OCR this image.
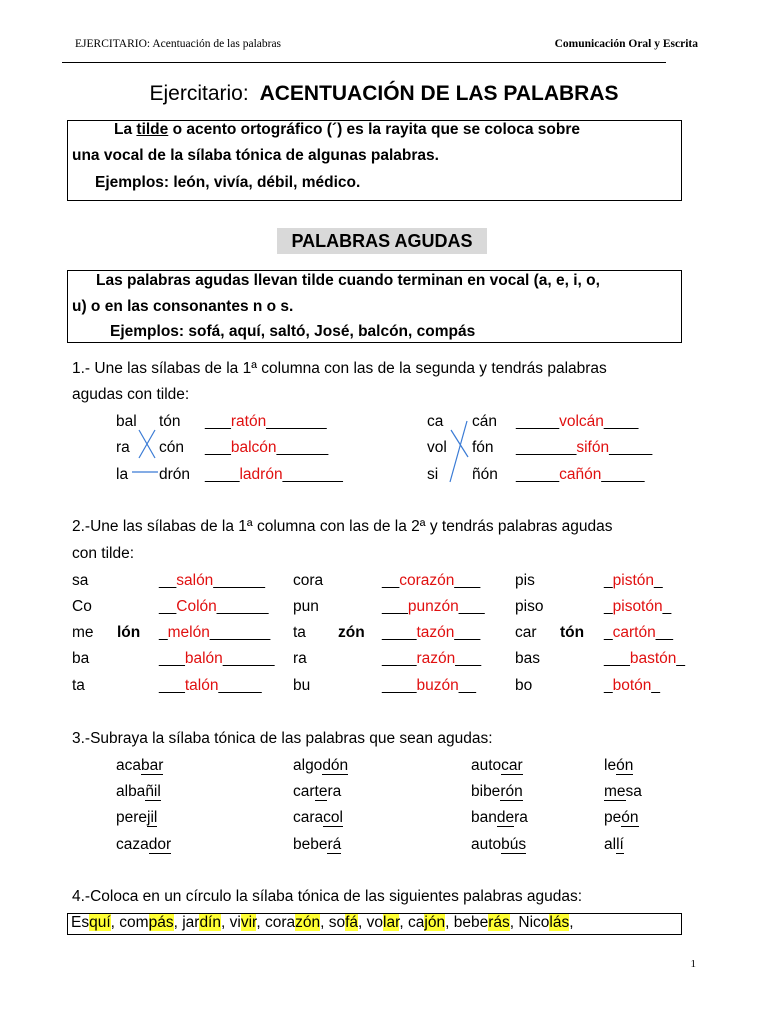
EJERCITARIO: Acentuación de las palabras	Comunicación Oral y Escrita
Ejercitario: ACENTUACIÓN DE LAS PALABRAS
La tilde o acento ortográfico (´) es la rayita que se coloca sobre
una vocal de la sílaba tónica de algunas palabras.
Ejemplos: león, vivía, débil, médico.
PALABRAS AGUDAS
Las palabras agudas llevan tilde cuando terminan en vocal (a, e, i, o,
u) o en las consonantes n o s.
Ejemplos: sofá, aquí, saltó, José, balcón, compás
1.- Une las sílabas de la 1ª columna con las de la segunda y tendrás palabras
agudas con tilde:
bal tón ___ratón_______
ra cón ___balcón______
la drón ____ladrón_______
ca cán _____volcán____
vol fón _______sifón_____
si ñón _____cañón_____
2.-Une las sílabas de la 1ª columna con las de la 2ª y tendrás palabras agudas
con tilde:
sa	__salón______ cora	__corazón___ pis	_pistón_
Co	__Colón______ pun	___punzón___ piso	_pisotón_
me lón _melón_______ ta zón ____tazón___ car tón _cartón__
ba	___balón______ ra	____razón___ bas	___bastón_
ta	___talón_____ bu	____buzón__	bo	_botón_
3.-Subraya la sílaba tónica de las palabras que sean agudas:
acabar	algodón	autocar	león
albañil	cartera	biberón	mesa
perejil	caracol	bandera	peón
cazador	beberá	autobús	allí
4.-Coloca en un círculo la sílaba tónica de las siguientes palabras agudas:
Esquí, compás, jardín, vivir, corazón, sofá, volar, cajón, beberás, Nicolás,
1
